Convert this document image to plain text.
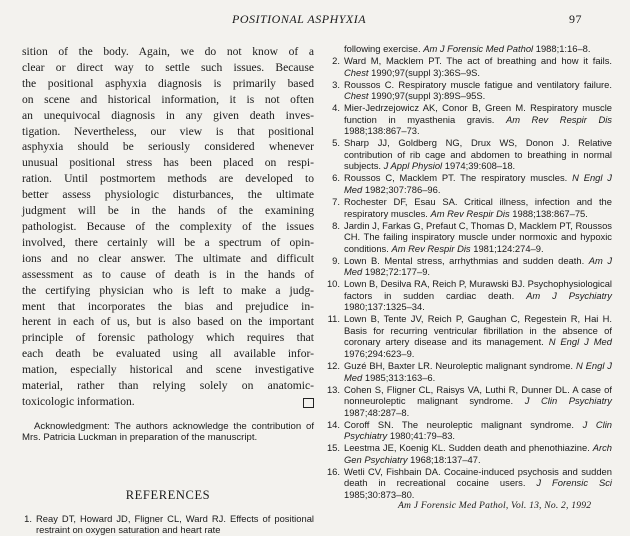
POSITIONAL ASPHYXIA	97

sition of the body. Again, we do not know of a
clear or direct way to settle such issues. Because
the positional asphyxia diagnosis is primarily based
on scene and historical information, it is not often
an unequivocal diagnosis in any given death inves-
tigation. Nevertheless, our view is that positional
asphyxia should be seriously considered whenever
unusual positional stress has been placed on respi-
ration. Until postmortem methods are developed to
better assess physiologic disturbances, the ultimate
judgment will be in the hands of the examining
pathologist. Because of the complexity of the issues
involved, there certainly will be a spectrum of opin-
ions and no clear answer. The ultimate and difficult
assessment as to cause of death is in the hands of
the certifying physician who is left to make a judg-
ment that incorporates the bias and prejudice in-
herent in each of us, but is also based on the important
principle of forensic pathology which requires that
each death be evaluated using all available infor-
mation, especially historical and scene investigative
material, rather than relying solely on anatomic-
toxicologic information.

Acknowledgment: The authors acknowledge the contribution of Mrs. Patricia Luckman in preparation of the manuscript.

REFERENCES
1. Reay DT, Howard JD, Fligner CL, Ward RJ. Effects of positional restraint on oxygen saturation and heart rate
following exercise. Am J Forensic Med Pathol 1988;1:16–8.
2. Ward M, Macklem PT. The act of breathing and how it fails. Chest 1990;97(suppl 3):36S–9S.
3. Roussos C. Respiratory muscle fatigue and ventilatory failure. Chest 1990;97(suppl 3):89S–95S.
4. Mier-Jedrzejowicz AK, Conor B, Green M. Respiratory muscle function in myasthenia gravis. Am Rev Respir Dis 1988;138:867–73.
5. Sharp JJ, Goldberg NG, Drux WS, Donon J. Relative contribution of rib cage and abdomen to breathing in normal subjects. J Appl Physiol 1974;39:608–18.
6. Roussos C, Macklem PT. The respiratory muscles. N Engl J Med 1982;307:786–96.
7. Rochester DF, Esau SA. Critical illness, infection and the respiratory muscles. Am Rev Respir Dis 1988;138:867–75.
8. Jardin J, Farkas G, Prefaut C, Thomas D, Macklem PT, Roussos CH. The failing inspiratory muscle under normoxic and hypoxic conditions. Am Rev Respir Dis 1981;124:274–9.
9. Lown B. Mental stress, arrhythmias and sudden death. Am J Med 1982;72:177–9.
10. Lown B, Desilva RA, Reich P, Murawski BJ. Psychophysiological factors in sudden cardiac death. Am J Psychiatry 1980;137:1325–34.
11. Lown B, Tente JV, Reich P, Gaughan C, Regestein R, Hai H. Basis for recurring ventricular fibrillation in the absence of coronary artery disease and its management. N Engl J Med 1976;294:623–9.
12. Guzé BH, Baxter LR. Neuroleptic malignant syndrome. N Engl J Med 1985;313:163–6.
13. Cohen S, Fligner CL, Raisys VA, Luthi R, Dunner DL. A case of nonneuroleptic malignant syndrome. J Clin Psychiatry 1987;48:287–8.
14. Coroff SN. The neuroleptic malignant syndrome. J Clin Psychiatry 1980;41:79–83.
15. Leestma JE, Koenig KL. Sudden death and phenothiazine. Arch Gen Psychiatry 1968;18:137–47.
16. Wetli CV, Fishbain DA. Cocaine-induced psychosis and sudden death in recreational cocaine users. J Forensic Sci 1985;30:873–80.
Am J Forensic Med Pathol, Vol. 13, No. 2, 1992
